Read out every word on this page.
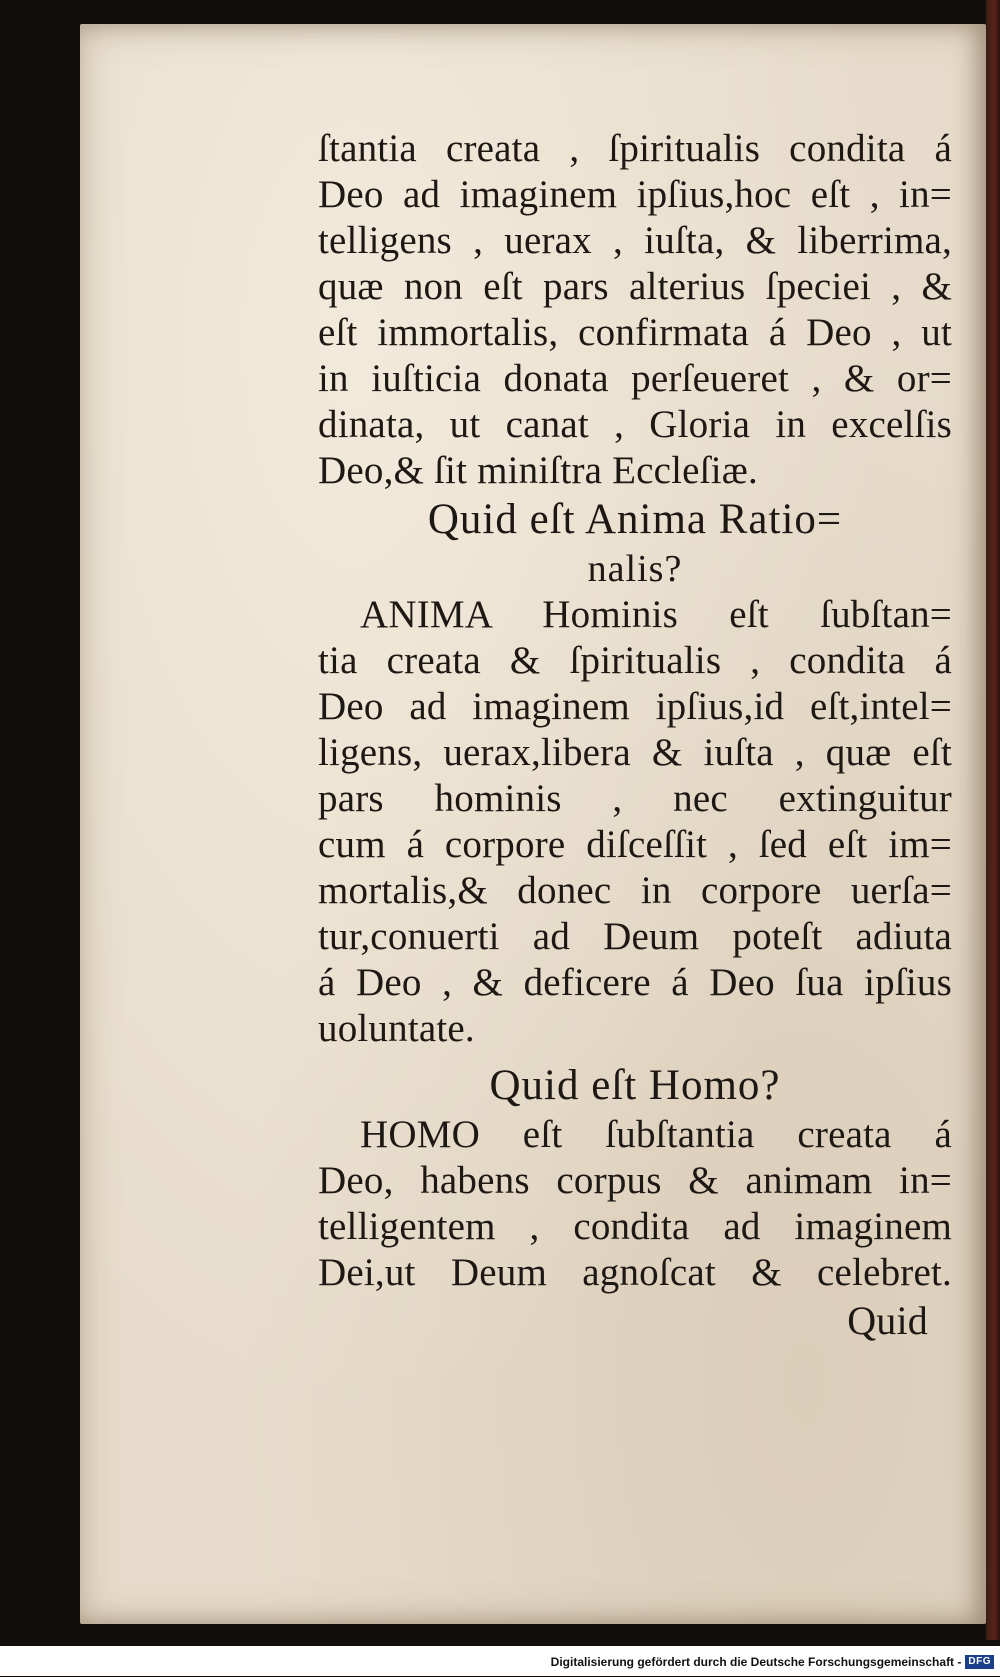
ſtantia creata , ſpiritualis condita á
Deo ad imaginem ipſius,hoc eſt , in=
telligens , uerax , iuſta, & liberrima,
quæ non eſt pars alterius ſpeciei , &
eſt immortalis, confirmata á Deo , ut
in iuſticia donata perſeueret , & or=
dinata, ut canat , Gloria in excelſis
Deo,& ſit miniſtra Eccleſiæ.
Quid eſt Anima Ratio=
nalis?
ANIMA Hominis eſt ſubſtan=
tia creata & ſpiritualis , condita á
Deo ad imaginem ipſius,id eſt,intel=
ligens, uerax,libera & iuſta , quæ eſt
pars hominis , nec extinguitur
cum á corpore diſceſſit , ſed eſt im=
mortalis,& donec in corpore uerſa=
tur,conuerti ad Deum poteſt adiuta
á Deo , & deficere á Deo ſua ipſius
uoluntate.
Quid eſt Homo?
HOMO eſt ſubſtantia creata á
Deo, habens corpus & animam in=
telligentem , condita ad imaginem
Dei,ut Deum agnoſcat & celebret.
Quid
Digitalisierung gefördert durch die Deutsche Forschungsgemeinschaft - DFG
